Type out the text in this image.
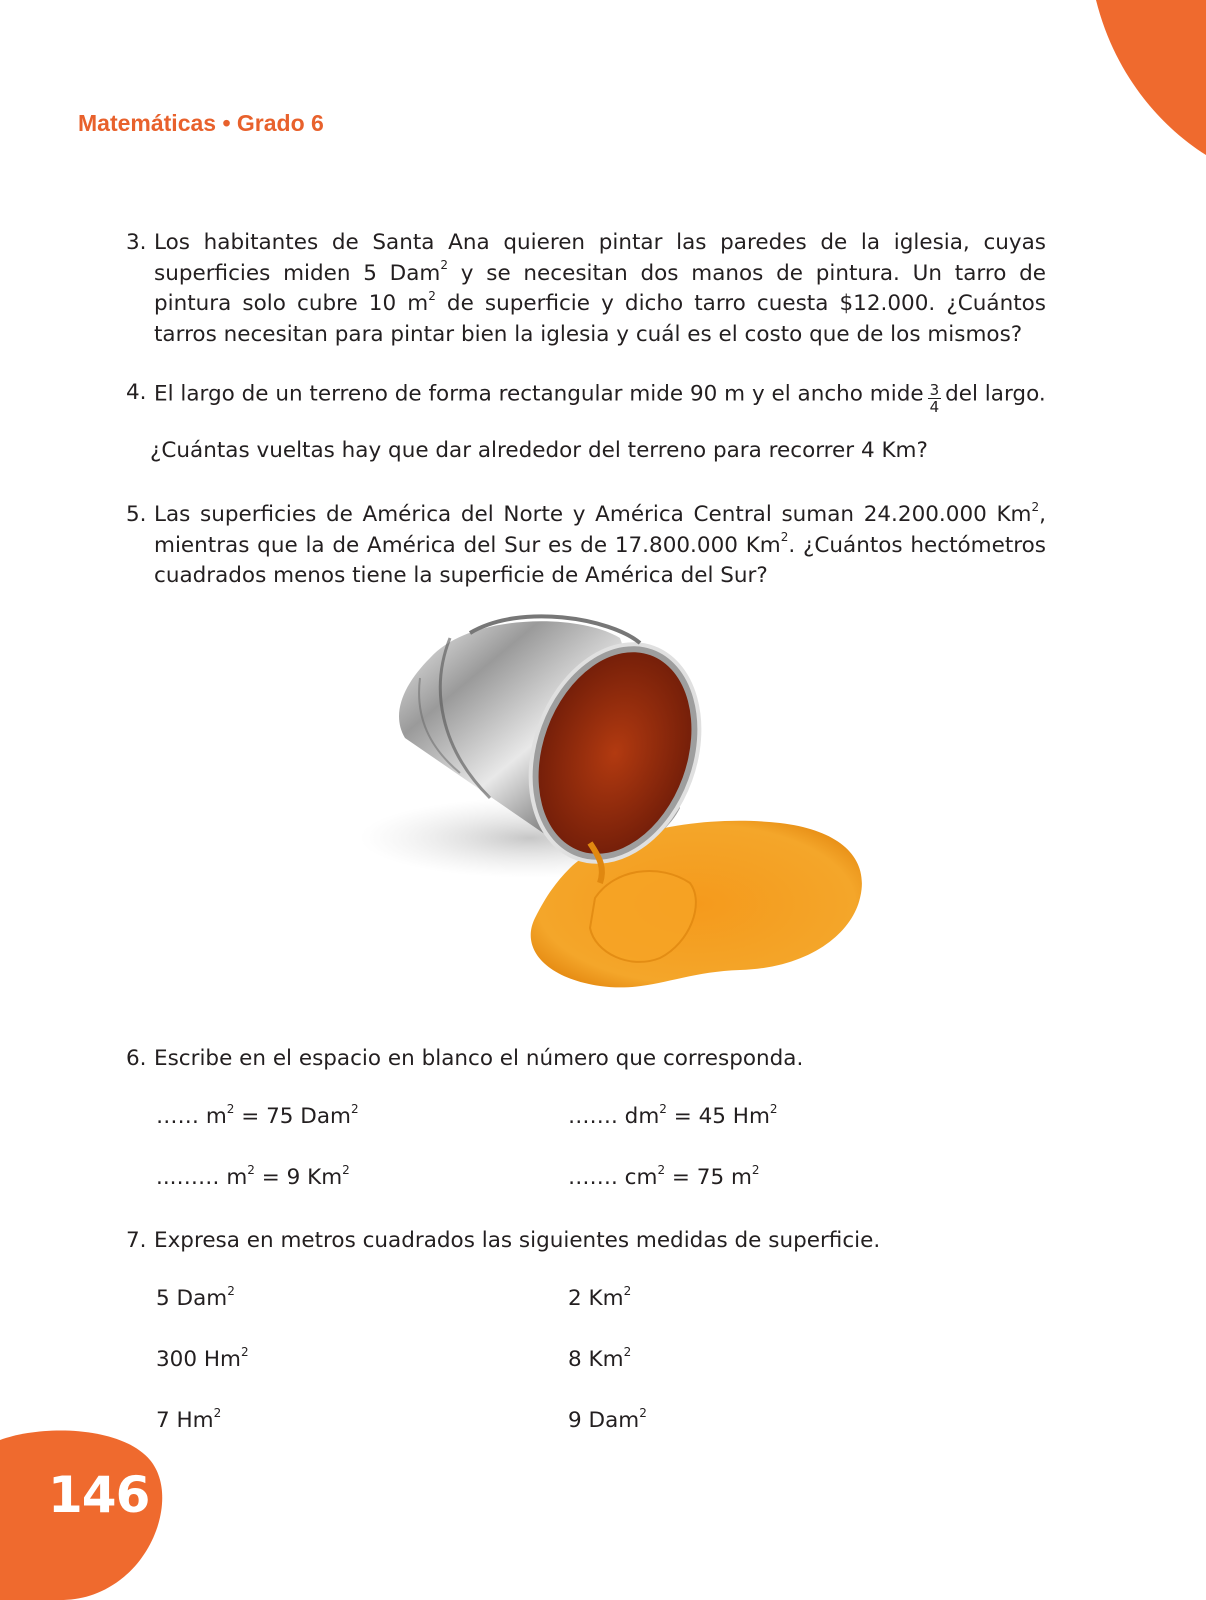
Matemáticas • Grado 6
3. Los habitantes de Santa Ana quieren pintar las paredes de la iglesia, cuyas superficies miden 5 Dam$^2$ y se necesitan dos manos de pintura. Un tarro de pintura solo cubre 10 $m^2$ de superficie y dicho tarro cuesta $12.000. ¿Cuántos tarros necesitan para pintar bien la iglesia y cuál es el costo que de los mismos?
4. El largo de un terreno de forma rectangular mide 90 m y el ancho mide $\frac{3}{4}$ del largo.
¿Cuántas vueltas hay que dar alrededor del terreno para recorrer 4 Km?
5. Las superficies de América del Norte y América Central suman 24.200.000 Km$^2$, mientras que la de América del Sur es de 17.800.000 Km$^2$. ¿Cuántos hectómetros cuadrados menos tiene la superficie de América del Sur?
6. Escribe en el espacio en blanco el número que corresponda.
…… $m^2 = 75$ Dam$^2$	……. $dm^2 = 45$ Hm$^2$
...…… $m^2 = 9$ Km$^2$	……. $cm^2 = 75$ $m^2$
7. Expresa en metros cuadrados las siguientes medidas de superficie.
5 Dam$^2$	2 Km$^2$
300 Hm$^2$	8 Km$^2$
7 Hm$^2$	9 Dam$^2$
146
